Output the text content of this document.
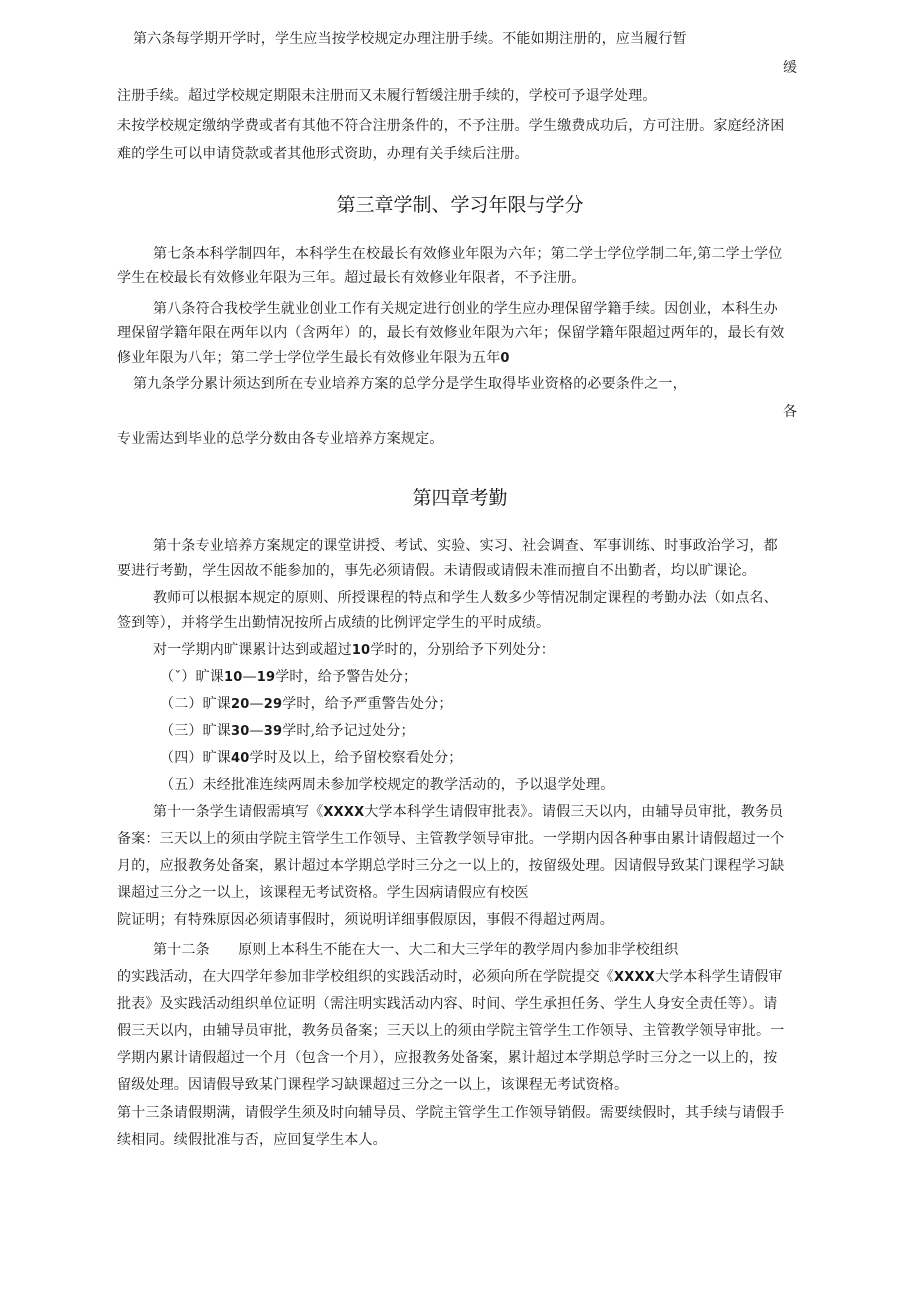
第三章学制、学习年限与学分
第四章考勤
第六条每学期开学时，学生应当按学校规定办理注册手续。不能如期注册的，应当履行暂
缓
注册手续。超过学校规定期限未注册而又未履行暂缓注册手续的，学校可予退学处理。
未按学校规定缴纳学费或者有其他不符合注册条件的，不予注册。学生缴费成功后，方可注册。家庭经济困
难的学生可以申请贷款或者其他形式资助，办理有关手续后注册。
第七条本科学制四年，本科学生在校最长有效修业年限为六年；第二学士学位学制二年,第二学士学位
学生在校最长有效修业年限为三年。超过最长有效修业年限者，不予注册。
第八条符合我校学生就业创业工作有关规定进行创业的学生应办理保留学籍手续。因创业，本科生办
理保留学籍年限在两年以内（含两年）的，最长有效修业年限为六年；保留学籍年限超过两年的，最长有效
修业年限为八年；第二学士学位学生最长有效修业年限为五年0
第九条学分累计须达到所在专业培养方案的总学分是学生取得毕业资格的必要条件之一，
各
专业需达到毕业的总学分数由各专业培养方案规定。
第十条专业培养方案规定的课堂讲授、考试、实验、实习、社会调查、军事训练、时事政治学习，都
要进行考勤，学生因故不能参加的，事先必须请假。未请假或请假未准而擅自不出勤者，均以旷课论。
教师可以根据本规定的原则、所授课程的特点和学生人数多少等情况制定课程的考勤办法（如点名、
签到等），并将学生出勤情况按所占成绩的比例评定学生的平时成绩。
对一学期内旷课累计达到或超过10学时的，分别给予下列处分：
（ˇ）旷课10—19学时，给予警告处分；
（二）旷课20—29学时，给予严重警告处分；
（三）旷课30—39学时,给予记过处分；
（四）旷课40学时及以上，给予留校察看处分；
（五）未经批准连续两周未参加学校规定的教学活动的，予以退学处理。
第十一条学生请假需填写《XXXX大学本科学生请假审批表》。请假三天以内，由辅导员审批，教务员
备案：三天以上的须由学院主管学生工作领导、主管教学领导审批。一学期内因各种事由累计请假超过一个
月的，应报教务处备案，累计超过本学期总学时三分之一以上的，按留级处理。因请假导致某门课程学习缺
课超过三分之一以上，该课程无考试资格。学生因病请假应有校医
院证明；有特殊原因必须请事假时，须说明详细事假原因，事假不得超过两周。
第十二条　　原则上本科生不能在大一、大二和大三学年的教学周内参加非学校组织
的实践活动，在大四学年参加非学校组织的实践活动时，必须向所在学院提交《XXXX大学本科学生请假审
批表》及实践活动组织单位证明（需注明实践活动内容、时间、学生承担任务、学生人身安全责任等）。请
假三天以内，由辅导员审批，教务员备案；三天以上的须由学院主管学生工作领导、主管教学领导审批。一
学期内累计请假超过一个月（包含一个月），应报教务处备案，累计超过本学期总学时三分之一以上的，按
留级处理。因请假导致某门课程学习缺课超过三分之一以上，该课程无考试资格。
第十三条请假期满，请假学生须及时向辅导员、学院主管学生工作领导销假。需要续假时，其手续与请假手
续相同。续假批准与否，应回复学生本人。
